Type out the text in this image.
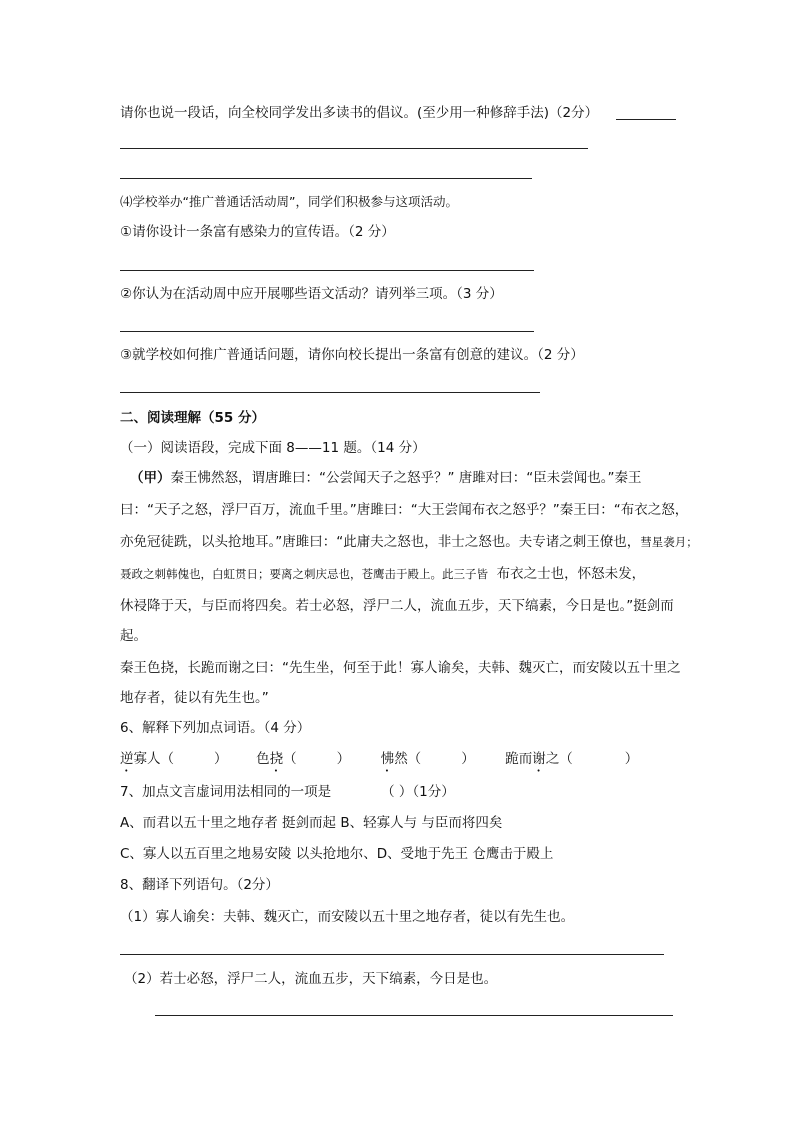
请你也说一段话，向全校同学发出多读书的倡议。(至少用一种修辞手法)（2分）
⑷学校举办“推广普通话活动周”，同学们积极参与这项活动。
①请你设计一条富有感染力的宣传语。（2 分）
②你认为在活动周中应开展哪些语文活动？请列举三项。（3 分）
③就学校如何推广普通话问题，请你向校长提出一条富有创意的建议。（2 分）
二、阅读理解（55 分）
（一）阅读语段，完成下面 8——11 题。（14 分）
（甲）秦王怫然怒，谓唐雎曰：“公尝闻天子之怒乎？” 唐雎对曰：“臣未尝闻也。”秦王
曰：“天子之怒，浮尸百万，流血千里。”唐雎曰：“大王尝闻布衣之怒乎？”秦王曰：“布衣之怒，
亦免冠徒跣，以头抢地耳。”唐雎曰：“此庸夫之怒也，非士之怒也。夫专诸之刺王僚也，彗星袭月；
聂政之刺韩傀也，白虹贯日；要离之刺庆忌也，苍鹰击于殿上。此三子皆 布衣之士也，怀怒未发，
休祲降于天，与臣而将四矣。若士必怒，浮尸二人，流血五步，天下缟素，今日是也。”挺剑而
起。
秦王色挠，长跪而谢之曰：“先生坐，何至于此！寡人谕矣，夫韩、魏灭亡，而安陵以五十里之
地存者，徒以有先生也。”
6、解释下列加点词语。（4 分）
逆寡人（	） 色挠（	） 怫然（	） 跪而谢之（	）
7、加点文言虚词用法相同的一项是	（ ）（1分）
A、而君以五十里之地存者 挺剑而起 B、轻寡人与 与臣而将四矣
C、寡人以五百里之地易安陵 以头抢地尔、D、受地于先王 仓鹰击于殿上
8、翻译下列语句。（2分）
（1）寡人谕矣：夫韩、魏灭亡，而安陵以五十里之地存者，徒以有先生也。
（2）若士必怒，浮尸二人，流血五步，天下缟素，今日是也。
